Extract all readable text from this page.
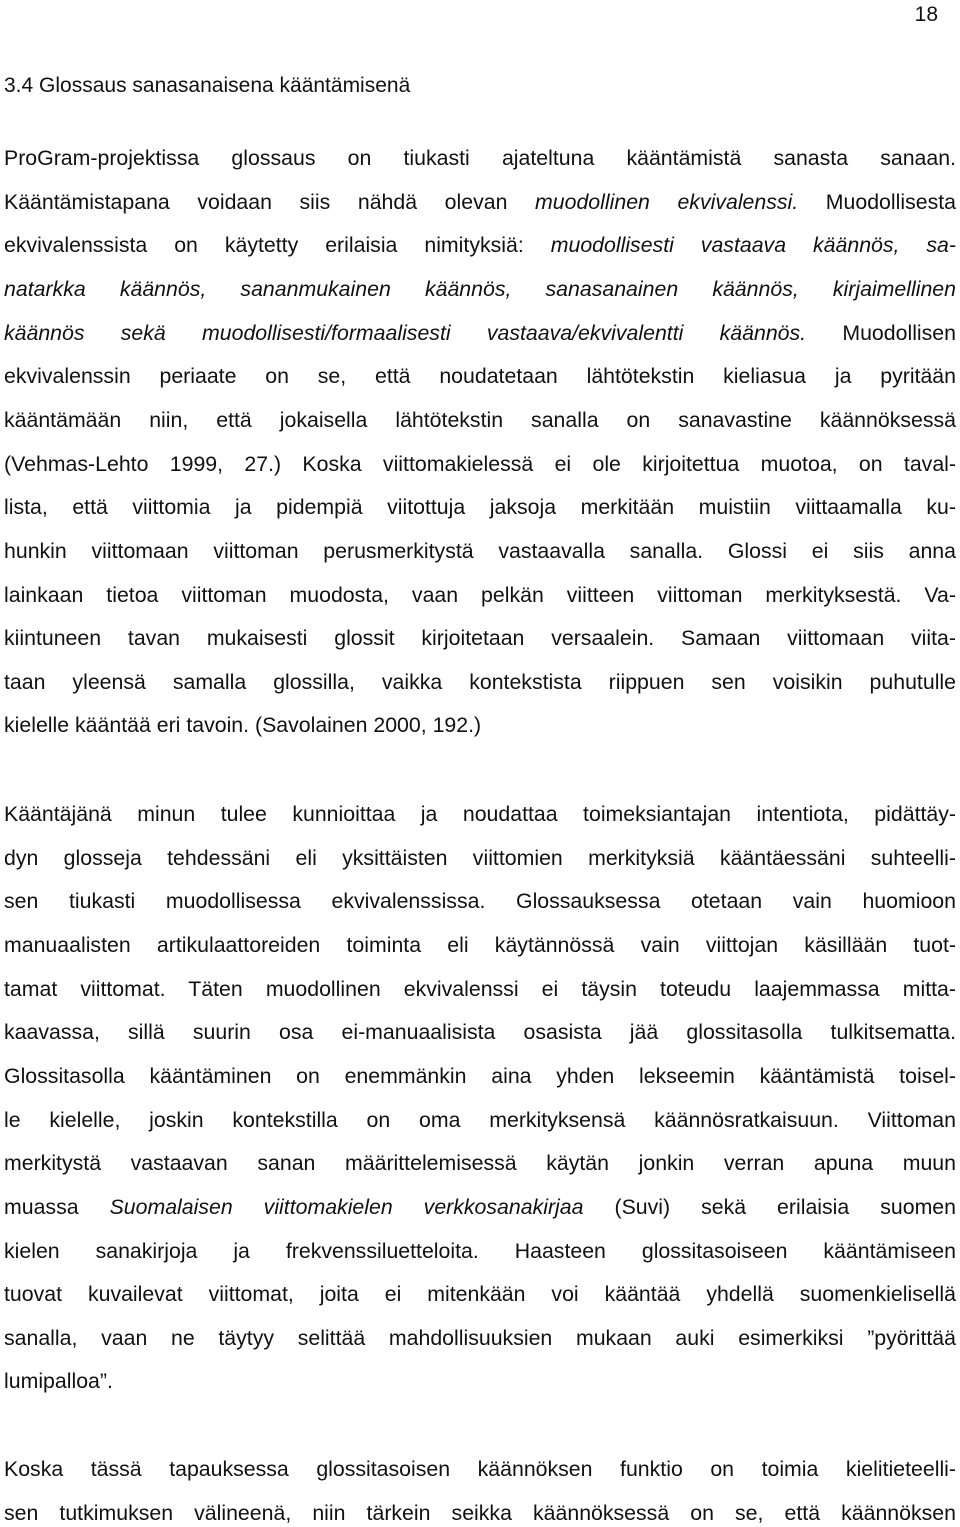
18
3.4 Glossaus sanasanaisena kääntämisenä
ProGram-projektissa glossaus on tiukasti ajateltuna kääntämistä sanasta sanaan.
Kääntämistapana voidaan siis nähdä olevan muodollinen ekvivalenssi. Muodollisesta
ekvivalenssista on käytetty erilaisia nimityksiä: muodollisesti vastaava käännös, sa-
natarkka käännös, sananmukainen käännös, sanasanainen käännös, kirjaimellinen
käännös sekä muodollisesti/formaalisesti vastaava/ekvivalentti käännös. Muodollisen
ekvivalenssin periaate on se, että noudatetaan lähtötekstin kieliasua ja pyritään
kääntämään niin, että jokaisella lähtötekstin sanalla on sanavastine käännöksessä
(Vehmas-Lehto 1999, 27.) Koska viittomakielessä ei ole kirjoitettua muotoa, on taval-
lista, että viittomia ja pidempiä viitottuja jaksoja merkitään muistiin viittaamalla ku-
hunkin viittomaan viittoman perusmerkitystä vastaavalla sanalla. Glossi ei siis anna
lainkaan tietoa viittoman muodosta, vaan pelkän viitteen viittoman merkityksestä. Va-
kiintuneen tavan mukaisesti glossit kirjoitetaan versaalein. Samaan viittomaan viita-
taan yleensä samalla glossilla, vaikka kontekstista riippuen sen voisikin puhutulle
kielelle kääntää eri tavoin. (Savolainen 2000, 192.)
Kääntäjänä minun tulee kunnioittaa ja noudattaa toimeksiantajan intentiota, pidättäy-
dyn glosseja tehdessäni eli yksittäisten viittomien merkityksiä kääntäessäni suhteelli-
sen tiukasti muodollisessa ekvivalenssissa. Glossauksessa otetaan vain huomioon
manuaalisten artikulaattoreiden toiminta eli käytännössä vain viittojan käsillään tuot-
tamat viittomat. Täten muodollinen ekvivalenssi ei täysin toteudu laajemmassa mitta-
kaavassa, sillä suurin osa ei-manuaalisista osasista jää glossitasolla tulkitsematta.
Glossitasolla kääntäminen on enemmänkin aina yhden lekseemin kääntämistä toisel-
le kielelle, joskin kontekstilla on oma merkityksensä käännösratkaisuun. Viittoman
merkitystä vastaavan sanan määrittelemisessä käytän jonkin verran apuna muun
muassa Suomalaisen viittomakielen verkkosanakirjaa (Suvi) sekä erilaisia suomen
kielen sanakirjoja ja frekvenssiluetteloita. Haasteen glossitasoiseen kääntämiseen
tuovat kuvailevat viittomat, joita ei mitenkään voi kääntää yhdellä suomenkielisellä
sanalla, vaan ne täytyy selittää mahdollisuuksien mukaan auki esimerkiksi ”pyörittää
lumipalloa”.
Koska tässä tapauksessa glossitasoisen käännöksen funktio on toimia kielitieteelli-
sen tutkimuksen välineenä, niin tärkein seikka käännöksessä on se, että käännöksen
